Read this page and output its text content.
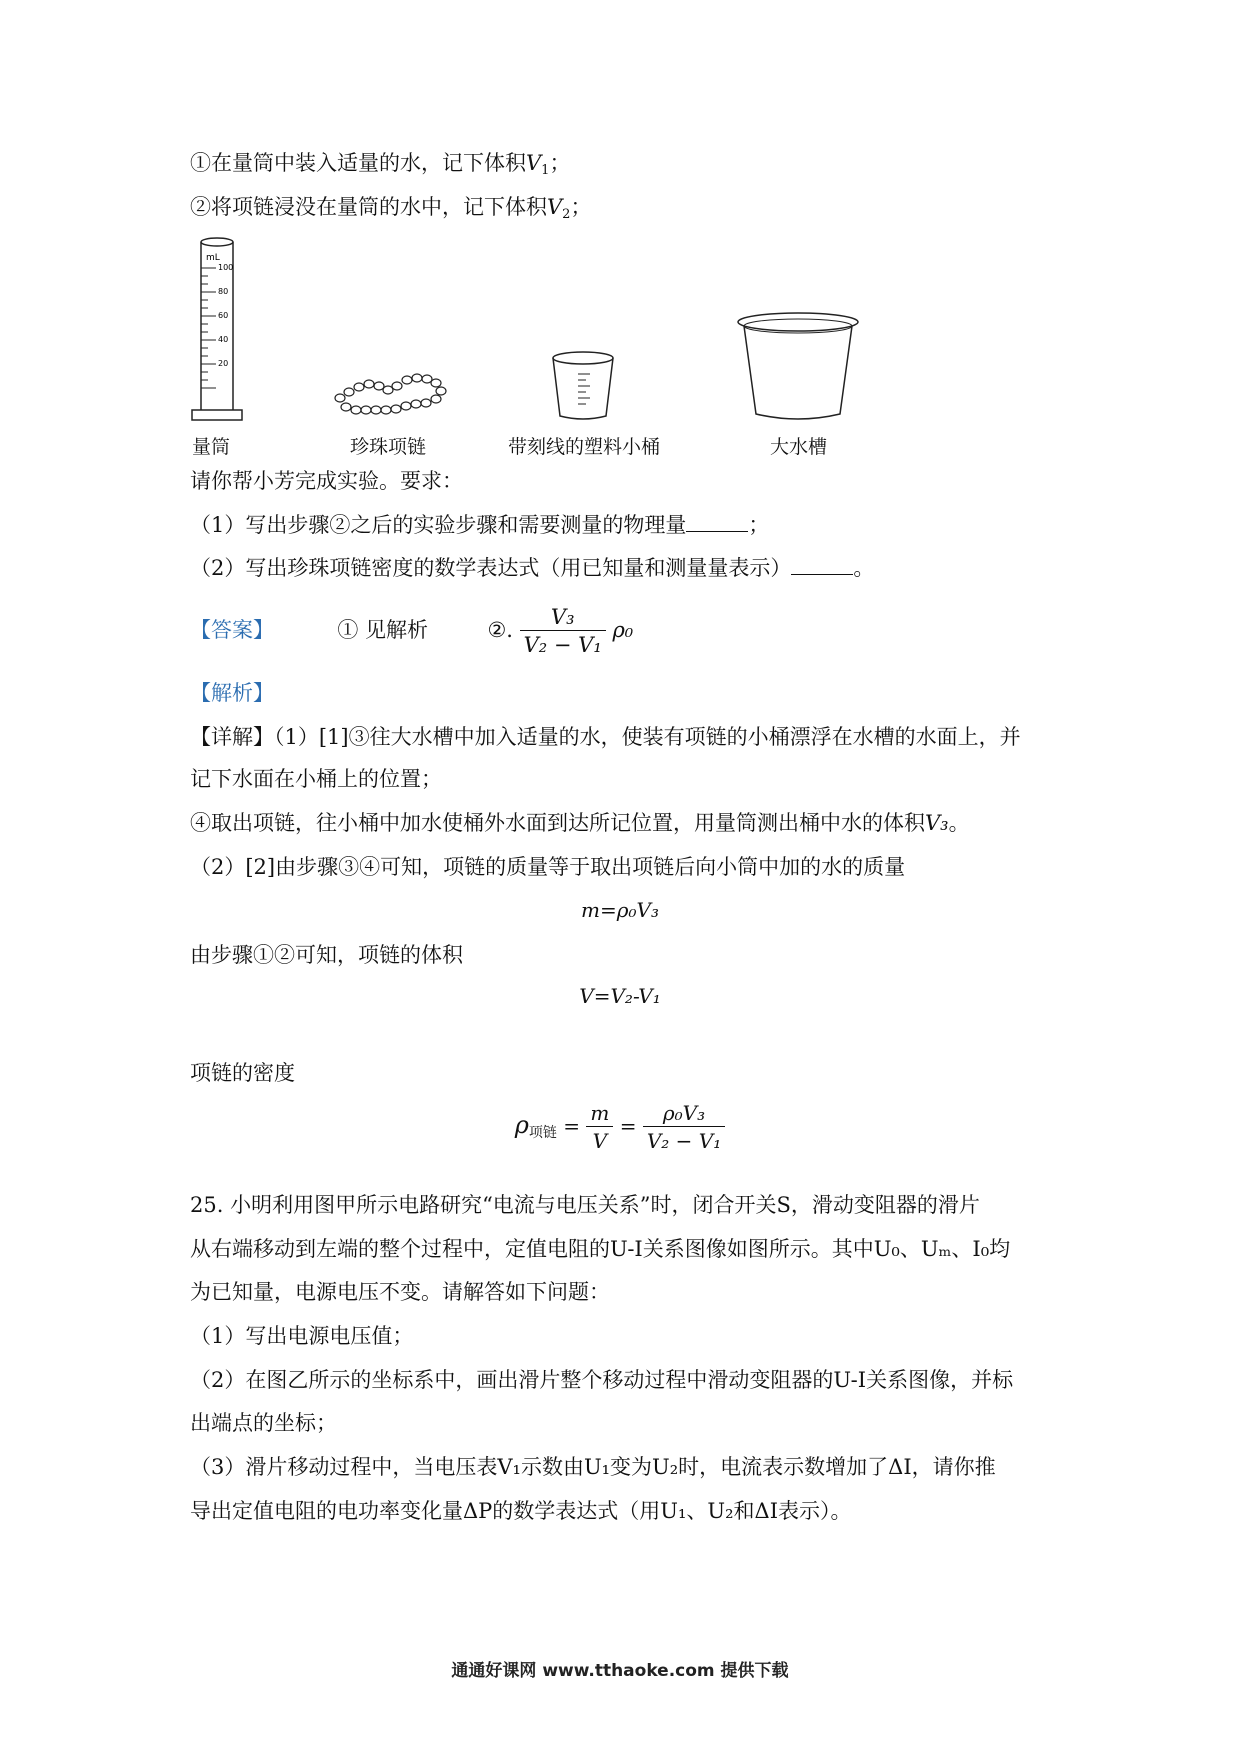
①在量筒中装入适量的水，记下体积$V_1$；
②将项链浸没在量筒的水中，记下体积$V_2$；
mL
100
80
60
40
20
量筒	珍珠项链	带刻线的塑料小桶	大水槽
请你帮小芳完成实验。要求：
（1）写出步骤②之后的实验步骤和需要测量的物理量	；
（2）写出珍珠项链密度的数学表达式（用已知量和测量量表示）	。
【答案】	① 见解析	②. $\frac{\text{V₃}}{\text{V₂ − V₁}} \rho_0$
【解析】
【详解】（1）[1]③往大水槽中加入适量的水，使装有项链的小桶漂浮在水槽的水面上，并
记下水面在小桶上的位置；
④取出项链，往小桶中加水使桶外水面到达所记位置，用量筒测出桶中水的体积V₃。
（2）[2]由步骤③④可知，项链的质量等于取出项链后向小筒中加的水的质量
m=ρ₀V₃
由步骤①②可知，项链的体积
V=V₂-V₁
项链的密度
$\rho_{项链} = \frac{m}{V} = \frac{\text{ρ₀V₃}}{\text{V₂ − V₁}}$
25. 小明利用图甲所示电路研究“电流与电压关系”时，闭合开关S，滑动变阻器的滑片
从右端移动到左端的整个过程中，定值电阻的U-I关系图像如图所示。其中U₀、Uₘ、I₀均
为已知量，电源电压不变。请解答如下问题：
（1）写出电源电压值；
（2）在图乙所示的坐标系中，画出滑片整个移动过程中滑动变阻器的U-I关系图像，并标
出端点的坐标；
（3）滑片移动过程中，当电压表V₁示数由U₁变为U₂时，电流表示数增加了ΔI，请你推
导出定值电阻的电功率变化量ΔP的数学表达式（用U₁、U₂和ΔI表示）。
通通好课网 www.tthaoke.com 提供下载
